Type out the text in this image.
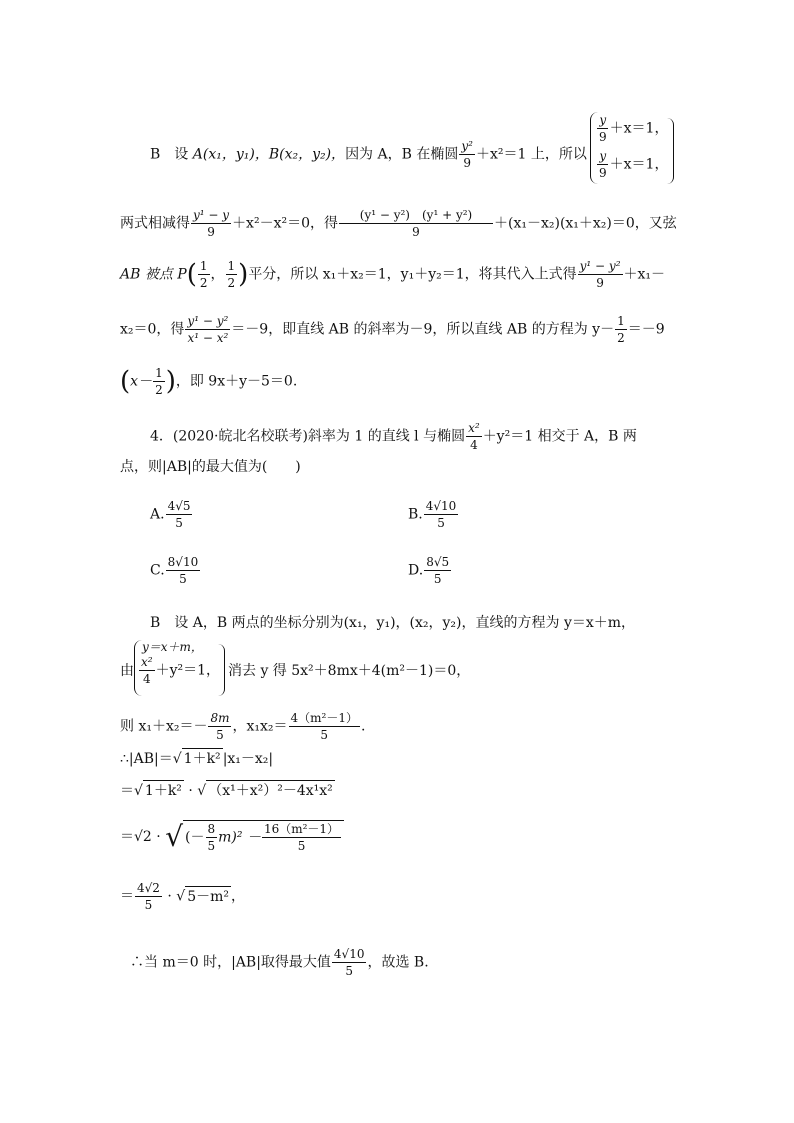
B　设 A(x₁，y₁)，B(x₂，y₂)，因为 A，B 在椭圆 $\frac{\text{y²}}{9} +x^2=1$ 上，所以
$\frac{y}{9} +x=1$，
$\frac{y}{9} +x=1$，
两式相减得 $\frac{\text{y¹ − y}}{9} +x^2-x^2=0$，得 $\frac{\text{(y¹ − y²)　(y¹ + y²)}}{9} +(x_1-x_2)(x_1+x_2)=0$，又弦
AB 被点 $P( \frac{1}{2}$ ， $\frac{1}{2}$ )平分，所以 x₁＋x₂＝1，y₁＋y₂＝1，将其代入上式得 $\frac{\text{y¹ − y²}}{9} +x_1-$
x₂＝0，得 $\frac{\text{y¹ − y²}}{\text{x¹ − x²}} =-9$，即直线 AB 的斜率为－9，所以直线 AB 的方程为 $y- \frac{1}{2} =-9$
($x- \frac{1}{2}$ )，即 9x＋y－5＝0.
4．(2020·皖北名校联考)斜率为 1 的直线 l 与椭圆 $\frac{\text{x²}}{4} +y^2=1$ 相交于 A，B 两
点，则|AB|的最大值为(　　)
A. $\frac{4√5}{5}$	B. $\frac{4√10}{5}$
C. $\frac{8√10}{5}$	D. $\frac{8√5}{5}$
B　设 A，B 两点的坐标分别为(x₁，y₁)，(x₂，y₂)，直线的方程为 y＝x＋m，
由
y＝x＋m，
$\frac{\text{x²}}{4} +y^2=1$， 消去 y 得 5x²＋8mx＋4(m²－1)＝0，
则 $x_1+x_2=- \frac{8m}{5}$ ，$x_1x_2= \frac{\text{4（m²－1）}}{5}$ .
∴|AB|＝√ 1＋k² |x₁－x₂|
＝√ 1＋k² · √ （x¹＋x²）²－4x¹x²
＝√2 · √ (－ $\frac{8}{5} m)^2 - \frac{\text{16（m²－1）}}{5}$
＝ $\frac{4√2}{5}$ · √ 5－m² ，
∴当 m＝0 时，|AB|取得最大值 $\frac{4√10}{5}$ ，故选 B.
